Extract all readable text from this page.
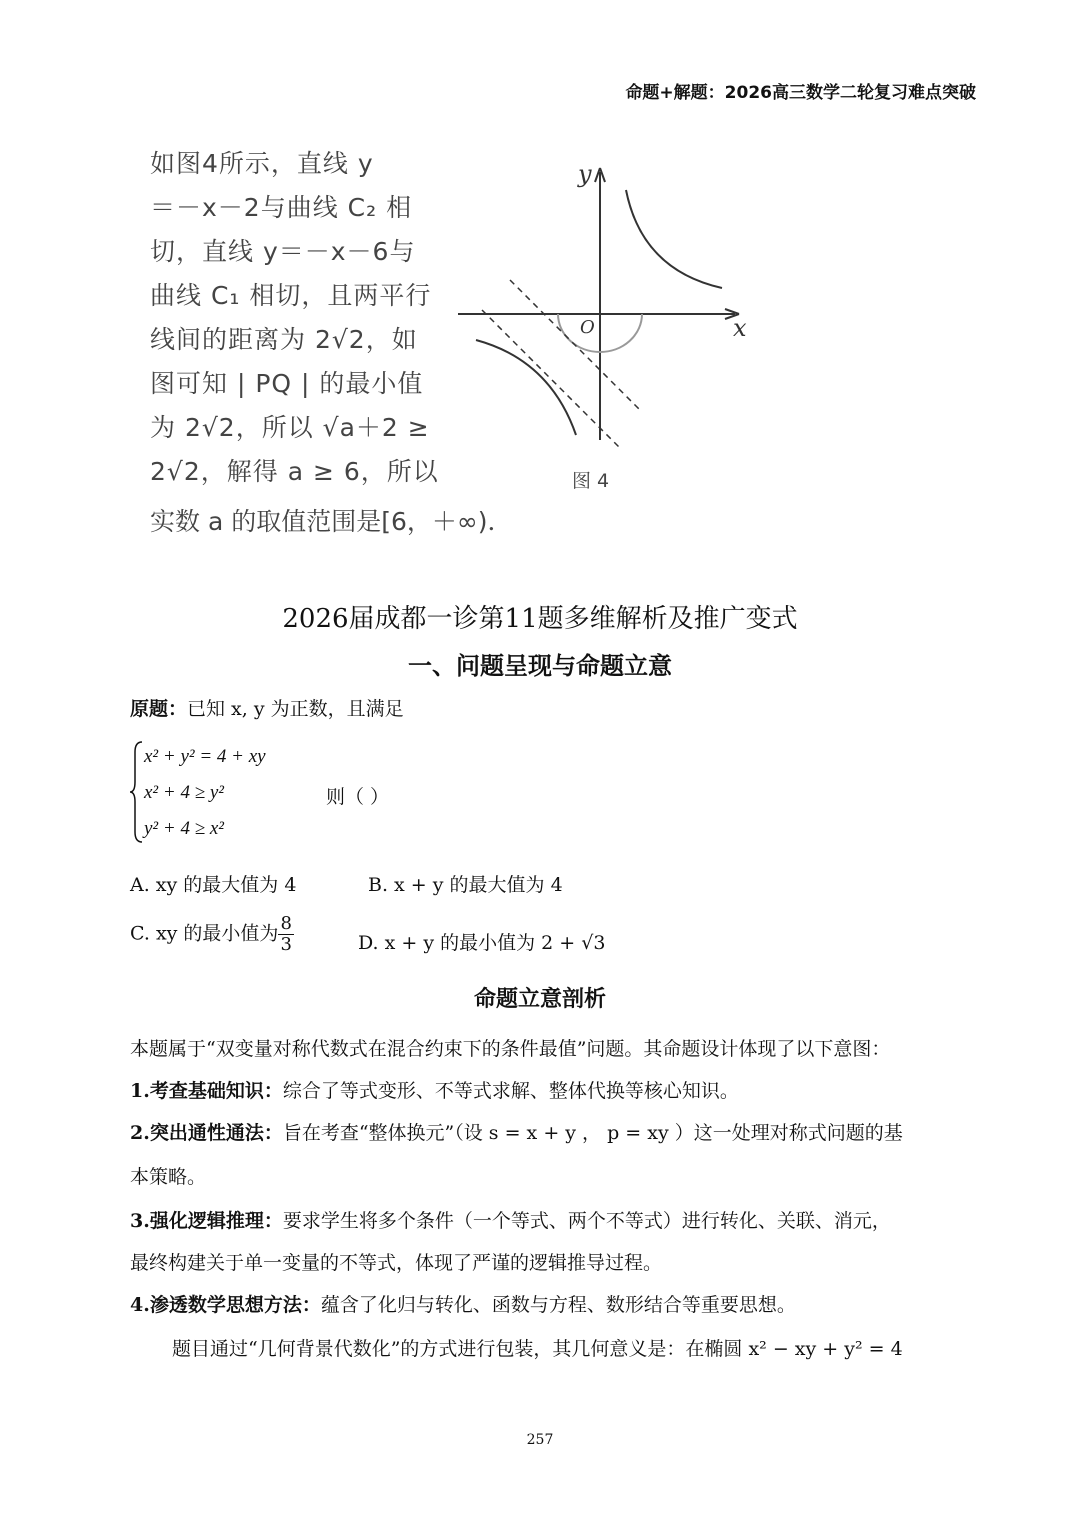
命题+解题：2026高三数学二轮复习难点突破
如图4所示，直线 y
＝－x－2与曲线 C₂ 相
切，直线 y＝－x－6与
曲线 C₁ 相切，且两平行
线间的距离为 2√2，如
图可知 | PQ | 的最小值
为 2√2，所以 √a＋2 ≥
2√2，解得 a ≥ 6，所以
实数 a 的取值范围是[6，＋∞)．
y
x
O
图 4
2026届成都一诊第11题多维解析及推广变式
一、问题呈现与命题立意
原题：已知 x, y 为正数，且满足
x² + y² = 4 + xy
x² + 4 ≥ y²
y² + 4 ≥ x²
则（ ）
A. xy 的最大值为 4	B. x + y 的最大值为 4
C. xy 的最小值为 $\frac{8}{3}$	D. x + y 的最小值为 2 + √3
命题立意剖析
本题属于“双变量对称代数式在混合约束下的条件最值”问题。其命题设计体现了以下意图：
1.考查基础知识：综合了等式变形、不等式求解、整体代换等核心知识。
2.突出通性通法：旨在考查“整体换元”（设 s = x + y ， p = xy ）这一处理对称式问题的基
本策略。
3.强化逻辑推理：要求学生将多个条件（一个等式、两个不等式）进行转化、关联、消元，
最终构建关于单一变量的不等式，体现了严谨的逻辑推导过程。
4.渗透数学思想方法：蕴含了化归与转化、函数与方程、数形结合等重要思想。
题目通过“几何背景代数化”的方式进行包装，其几何意义是：在椭圆 x² − xy + y² = 4
257
